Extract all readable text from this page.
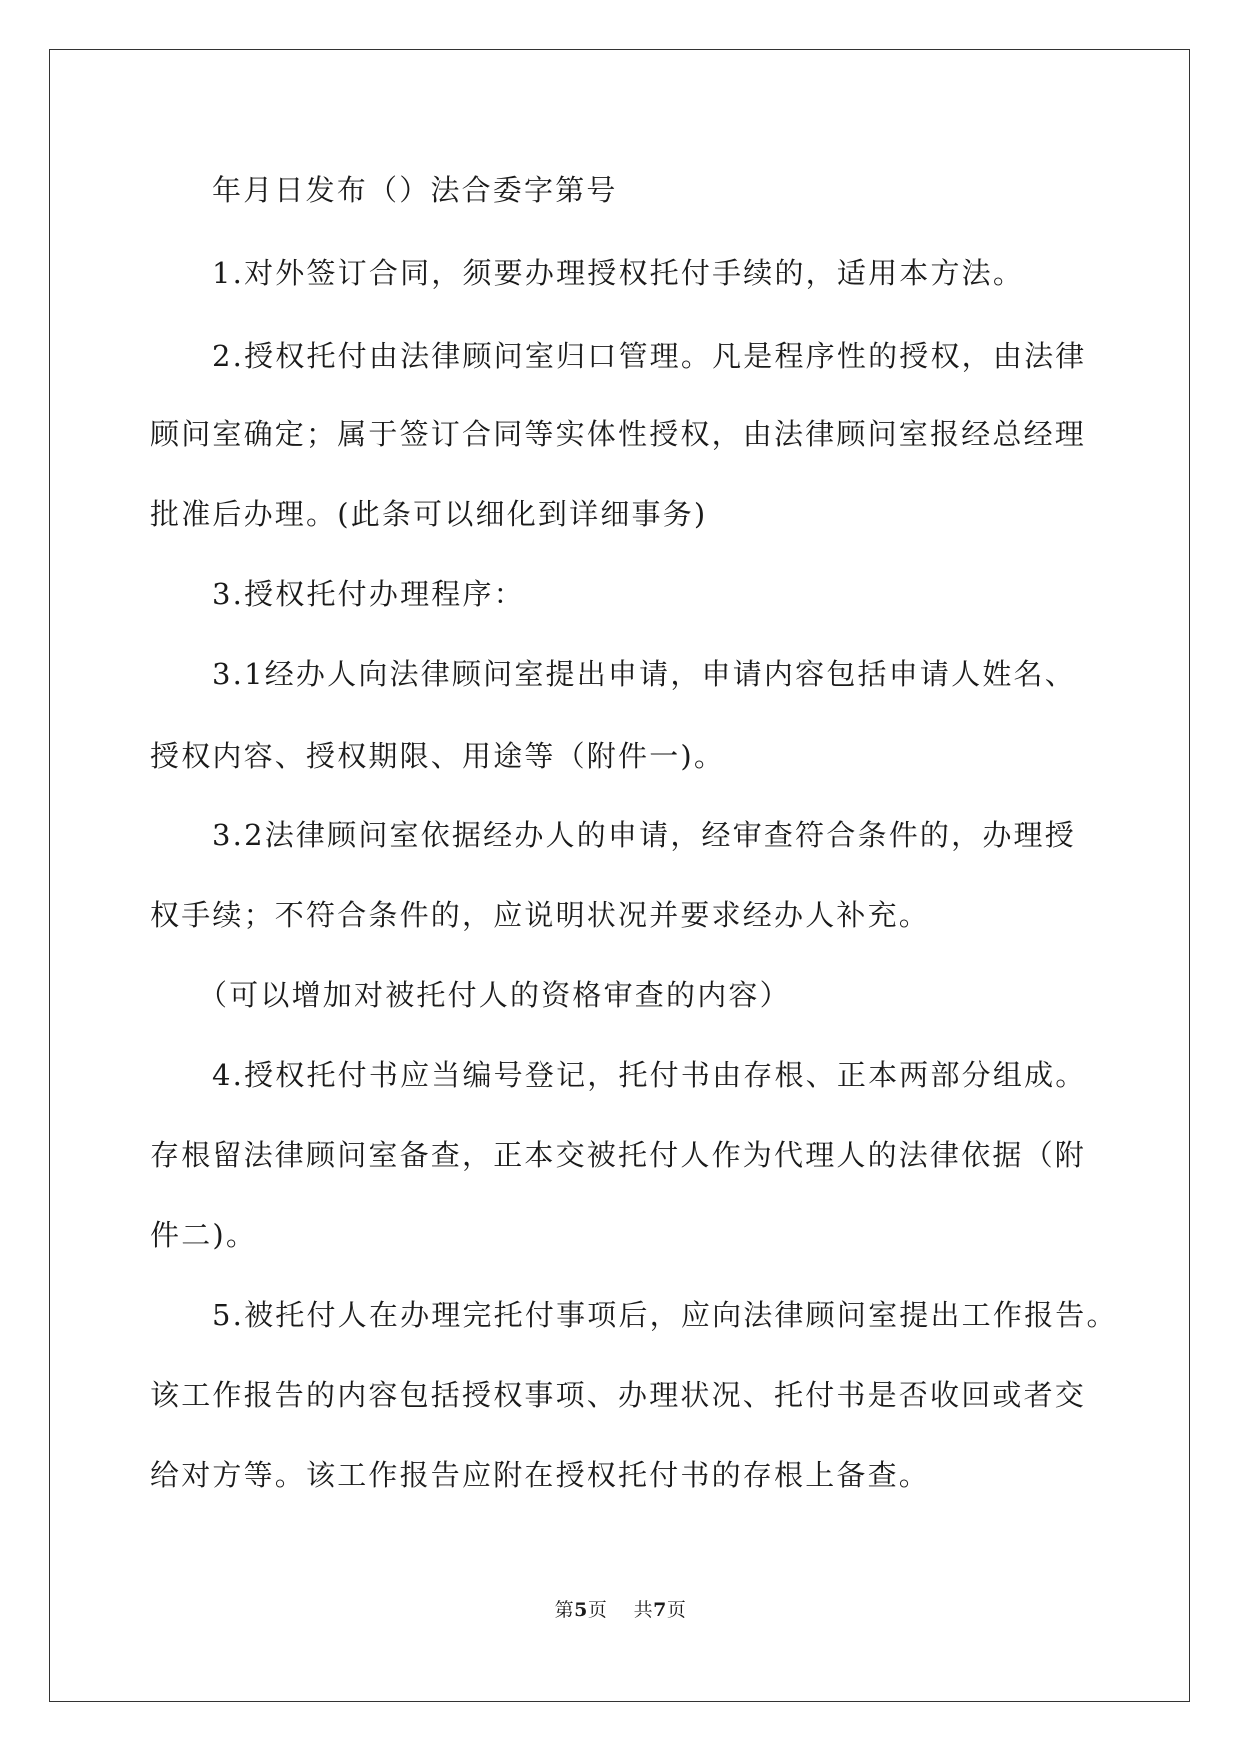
年月日发布（）法合委字第号
1.对外签订合同，须要办理授权托付手续的，适用本方法。
2.授权托付由法律顾问室归口管理。凡是程序性的授权，由法律
顾问室确定；属于签订合同等实体性授权，由法律顾问室报经总经理
批准后办理。(此条可以细化到详细事务)
3.授权托付办理程序：
3.1经办人向法律顾问室提出申请，申请内容包括申请人姓名、
授权内容、授权期限、用途等（附件一)。
3.2法律顾问室依据经办人的申请，经审查符合条件的，办理授
权手续；不符合条件的，应说明状况并要求经办人补充。
（可以增加对被托付人的资格审查的内容）
4.授权托付书应当编号登记，托付书由存根、正本两部分组成。
存根留法律顾问室备查，正本交被托付人作为代理人的法律依据（附
件二)。
5.被托付人在办理完托付事项后，应向法律顾问室提出工作报告。
该工作报告的内容包括授权事项、办理状况、托付书是否收回或者交
给对方等。该工作报告应附在授权托付书的存根上备查。
第5页 共7页
